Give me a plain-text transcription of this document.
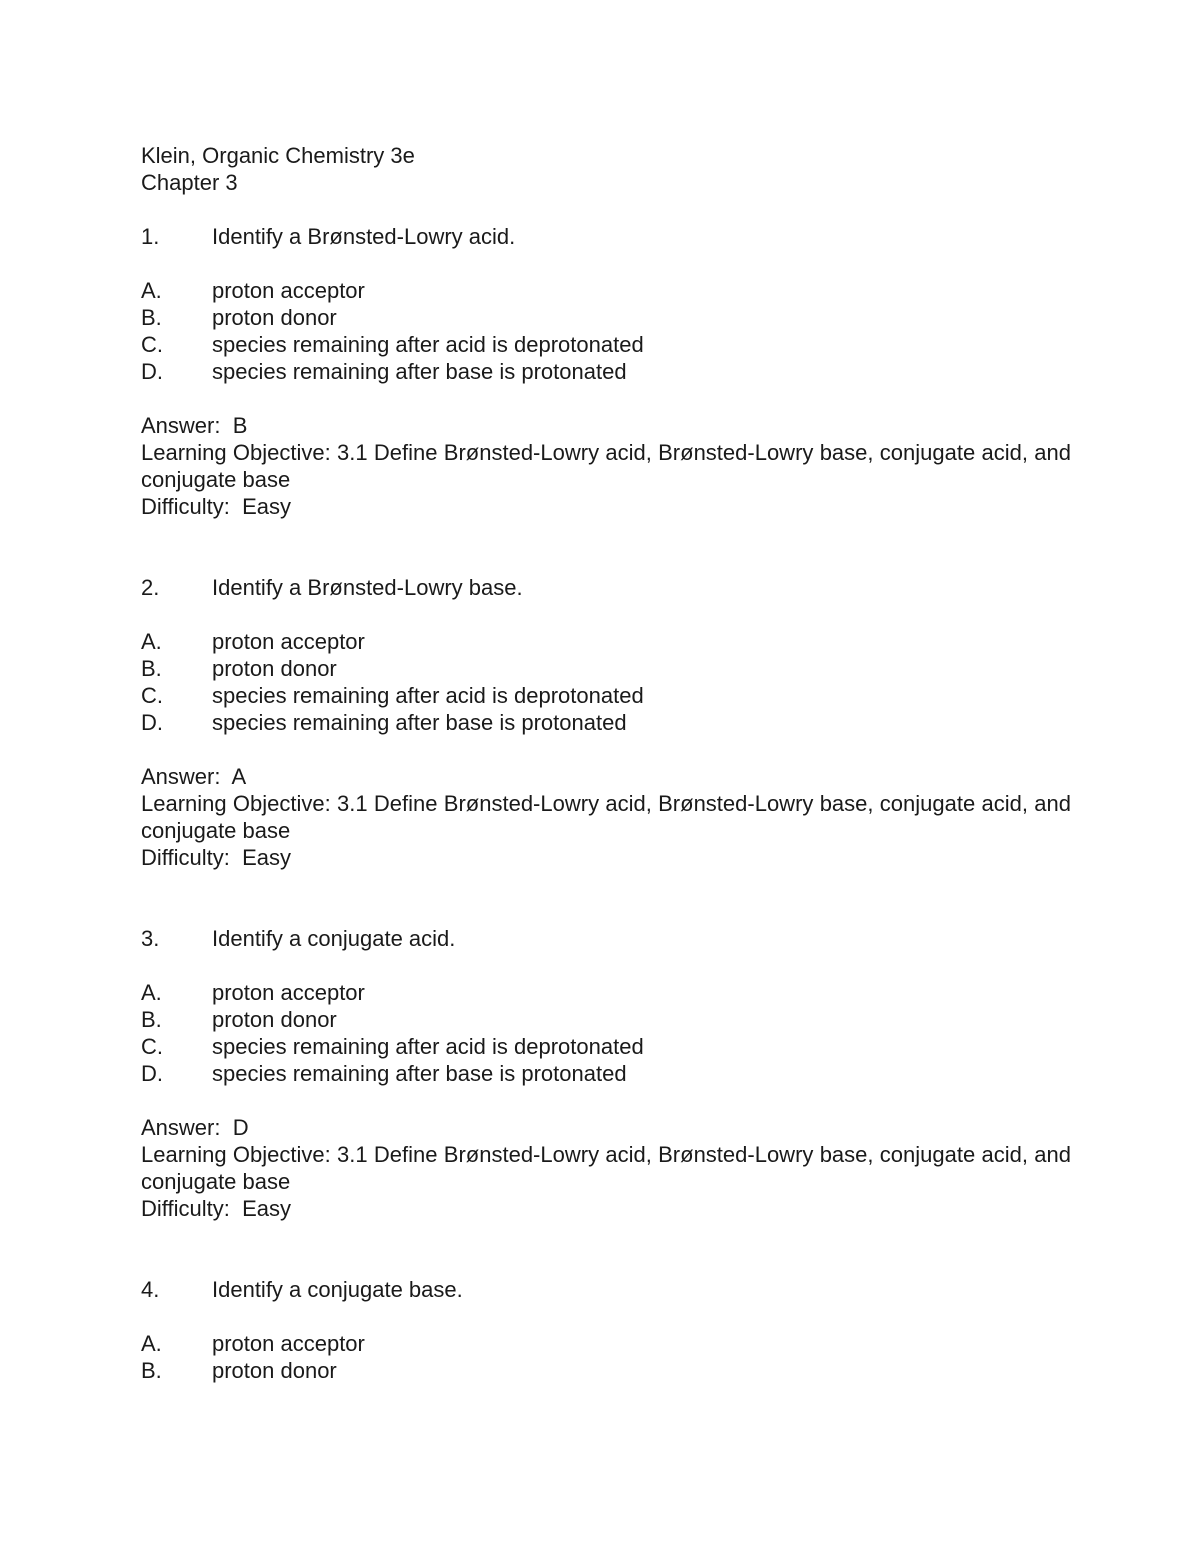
Klein, Organic Chemistry 3e
Chapter 3
1.	Identify a Brønsted-Lowry acid.
A.	proton acceptor
B.	proton donor
C.	species remaining after acid is deprotonated
D.	species remaining after base is protonated
Answer:  B
Learning Objective: 3.1 Define Brønsted-Lowry acid, Brønsted-Lowry base, conjugate acid, and conjugate base
Difficulty:  Easy
2.	Identify a Brønsted-Lowry base.
A.	proton acceptor
B.	proton donor
C.	species remaining after acid is deprotonated
D.	species remaining after base is protonated
Answer:  A
Learning Objective: 3.1 Define Brønsted-Lowry acid, Brønsted-Lowry base, conjugate acid, and conjugate base
Difficulty:  Easy
3.	Identify a conjugate acid.
A.	proton acceptor
B.	proton donor
C.	species remaining after acid is deprotonated
D.	species remaining after base is protonated
Answer:  D
Learning Objective: 3.1 Define Brønsted-Lowry acid, Brønsted-Lowry base, conjugate acid, and conjugate base
Difficulty:  Easy
4.	Identify a conjugate base.
A.	proton acceptor
B.	proton donor
